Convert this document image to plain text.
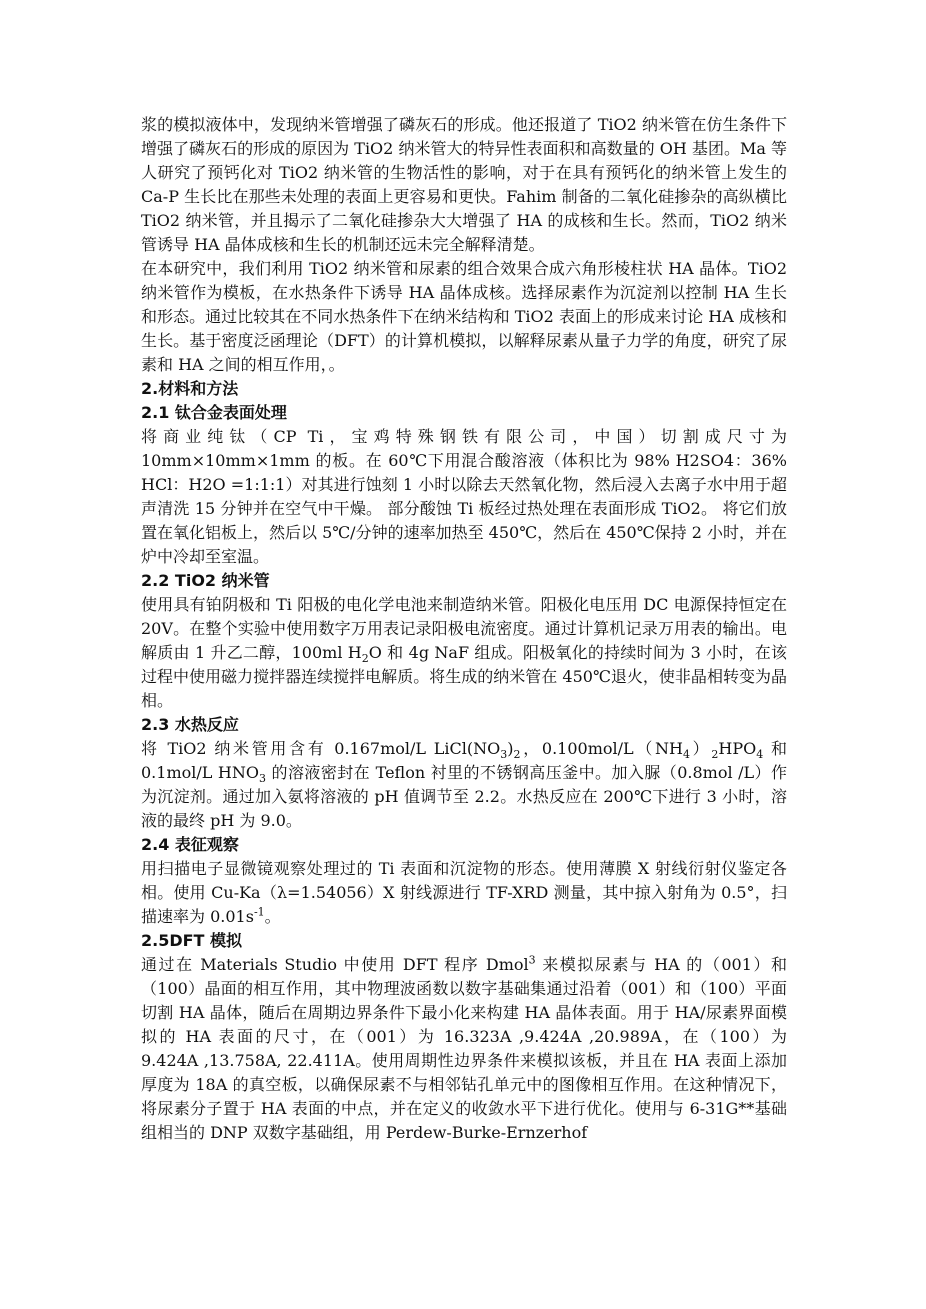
浆的模拟液体中，发现纳米管增强了磷灰石的形成。他还报道了 TiO2 纳米管在仿生条件下增强了磷灰石的形成的原因为 TiO2 纳米管大的特异性表面积和高数量的 OH 基团。Ma 等人研究了预钙化对 TiO2 纳米管的生物活性的影响，对于在具有预钙化的纳米管上发生的 Ca-P 生长比在那些未处理的表面上更容易和更快。Fahim 制备的二氧化硅掺杂的高纵横比 TiO2 纳米管，并且揭示了二氧化硅掺杂大大增强了 HA 的成核和生长。然而，TiO2 纳米管诱导 HA 晶体成核和生长的机制还远未完全解释清楚。

在本研究中，我们利用 TiO2 纳米管和尿素的组合效果合成六角形棱柱状 HA 晶体。TiO2 纳米管作为模板，在水热条件下诱导 HA 晶体成核。选择尿素作为沉淀剂以控制 HA 生长和形态。通过比较其在不同水热条件下在纳米结构和 TiO2 表面上的形成来讨论 HA 成核和生长。基于密度泛函理论（DFT）的计算机模拟，以解释尿素从量子力学的角度，研究了尿素和 HA 之间的相互作用，。

2.材料和方法
2.1 钛合金表面处理

将商业纯钛（CP Ti，宝鸡特殊钢铁有限公司，中国）切割成尺寸为 10mm×10mm×1mm 的板。在 60℃下用混合酸溶液（体积比为 98% H2SO4：36% HCl：H2O =1:1:1）对其进行蚀刻 1 小时以除去天然氧化物，然后浸入去离子水中用于超声清洗 15 分钟并在空气中干燥。 部分酸蚀 Ti 板经过热处理在表面形成 TiO2。 将它们放置在氧化铝板上，然后以 5℃/分钟的速率加热至 450℃，然后在 450℃保持 2 小时，并在炉中冷却至室温。

2.2 TiO2 纳米管

使用具有铂阴极和 Ti 阳极的电化学电池来制造纳米管。阳极化电压用 DC 电源保持恒定在 20V。在整个实验中使用数字万用表记录阳极电流密度。通过计算机记录万用表的输出。电解质由 1 升乙二醇，100ml $H_2O$ 和 4g NaF 组成。阳极氧化的持续时间为 3 小时，在该过程中使用磁力搅拌器连续搅拌电解质。将生成的纳米管在 450℃退火，使非晶相转变为晶相。

2.3 水热反应

将 TiO2 纳米管用含有 0.167mol/L $LiCl(NO_3)_2$，$0.100mol/L(NH_4)_2HPO_4$ 和 0.1mol/L $HNO_3$ 的溶液密封在 Teflon 衬里的不锈钢高压釜中。加入脲（0.8mol /L）作为沉淀剂。通过加入氨将溶液的 pH 值调节至 2.2。水热反应在 200℃下进行 3 小时，溶液的最终 pH 为 9.0。

2.4 表征观察

用扫描电子显微镜观察处理过的 Ti 表面和沉淀物的形态。使用薄膜 X 射线衍射仪鉴定各相。使用 Cu-Ka（λ=1.54056）X 射线源进行 TF-XRD 测量，其中掠入射角为 0.5°，扫描速率为 $0.01s^{-1}$。

2.5DFT 模拟

通过在 Materials Studio 中使用 DFT 程序 Dmol$^3$ 来模拟尿素与 HA 的（001）和（100）晶面的相互作用，其中物理波函数以数字基础集通过沿着（001）和（100）平面切割 HA 晶体，随后在周期边界条件下最小化来构建 HA 晶体表面。用于 HA/尿素界面模拟的 HA 表面的尺寸，在（001）为 16.323A ,9.424A ,20.989A，在（100）为 9.424A ,13.758A, 22.411A。使用周期性边界条件来模拟该板，并且在 HA 表面上添加厚度为 18A 的真空板，以确保尿素不与相邻钻孔单元中的图像相互作用。在这种情况下，将尿素分子置于 HA 表面的中点，并在定义的收敛水平下进行优化。使用与 6-31G**基础组相当的 DNP 双数字基础组，用 Perdew-Burke-Ernzerhof
